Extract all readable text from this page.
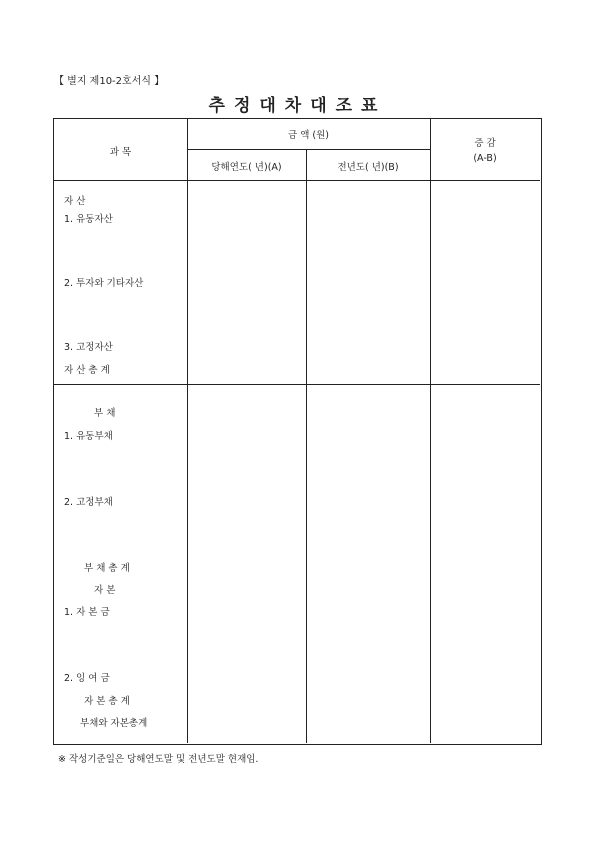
【 별지 제10-2호서식 】
추정대차대조표
과 목
금 액 (원)
당해연도( 년)(A)	전년도( 년)(B)
증 감
(A-B)
자 산
1. 유동자산
2. 투자와 기타자산
3. 고정자산
자 산 총 계
부 채
1. 유동부채
2. 고정부채
부 채 총 계
자 본
1. 자 본 금
2. 잉 여 금
자 본 총 계
부채와 자본총계
※ 작성기준일은 당해연도말 및 전년도말 현재임.
